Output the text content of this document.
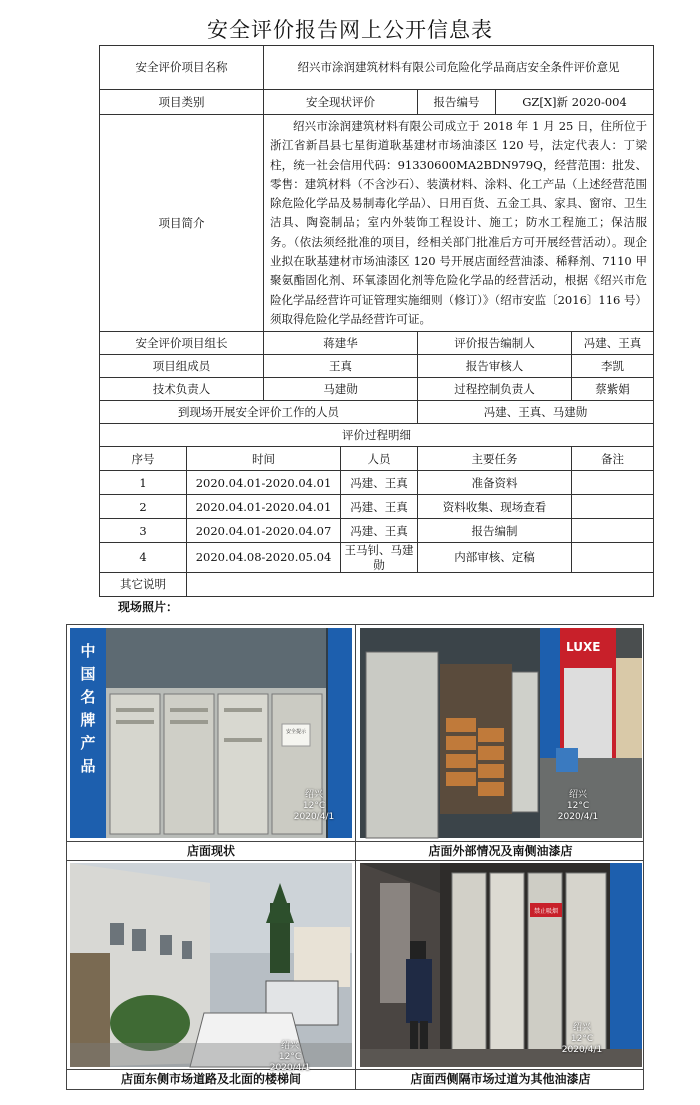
安全评价报告网上公开信息表
安全评价项目名称		绍兴市涂润建筑材料有限公司危险化学品商店安全条件评价意见				
项目类别		安全现状评价		报告编号	GZ[X]新 2020-004	
项目简介		绍兴市涂润建筑材料有限公司成立于 2018 年 1 月 25 日，住所位于浙江省新昌县七星街道耿基建材市场油漆区 120 号，法定代表人：丁梁柱，统一社会信用代码：91330600MA2BDN979Q，经营范围：批发、零售：建筑材料（不含沙石）、装潢材料、涂料、化工产品（上述经营范围除危险化学品及易制毒化学品）、日用百货、五金工具、家具、窗帘、卫生洁具、陶瓷制品；室内外装饰工程设计、施工；防水工程施工；保洁服务。（依法须经批准的项目，经相关部门批准后方可开展经营活动）。现企业拟在耿基建材市场油漆区 120 号开展店面经营油漆、稀释剂、7110 甲聚氨酯固化剂、环氧漆固化剂等危险化学品的经营活动，根据《绍兴市危险化学品经营许可证管理实施细则（修订）》（绍市安监〔2016〕116 号）须取得危险化学品经营许可证。				
安全评价项目组长		蒋建华		评价报告编制人		冯建、王真
项目组成员		王真		报告审核人		李凯
技术负责人		马建勋		过程控制负责人		蔡紫娟
到现场开展安全评价工作的人员				冯建、王真、马建勋		
评价过程明细						
序号	时间		人员	主要任务		备注
1	2020.04.01-2020.04.01		冯建、王真	准备资料		
2	2020.04.01-2020.04.01		冯建、王真	资料收集、现场查看		
3	2020.04.01-2020.04.07		冯建、王真	报告编制		
4	2020.04.08-2020.05.04		王马钊、马建勋	内部审核、定稿		
其它说明						
现场照片：
中国名牌产品
安全提示
绍兴
12°C
2020/4/1
店面现状
LUXE
绍兴
12°C
2020/4/1
店面外部情况及南侧油漆店
绍兴
12°C
2020/4/1
店面东侧市场道路及北面的楼梯间
禁止吸烟
绍兴
12°C
2020/4/1
店面西侧隔市场过道为其他油漆店
